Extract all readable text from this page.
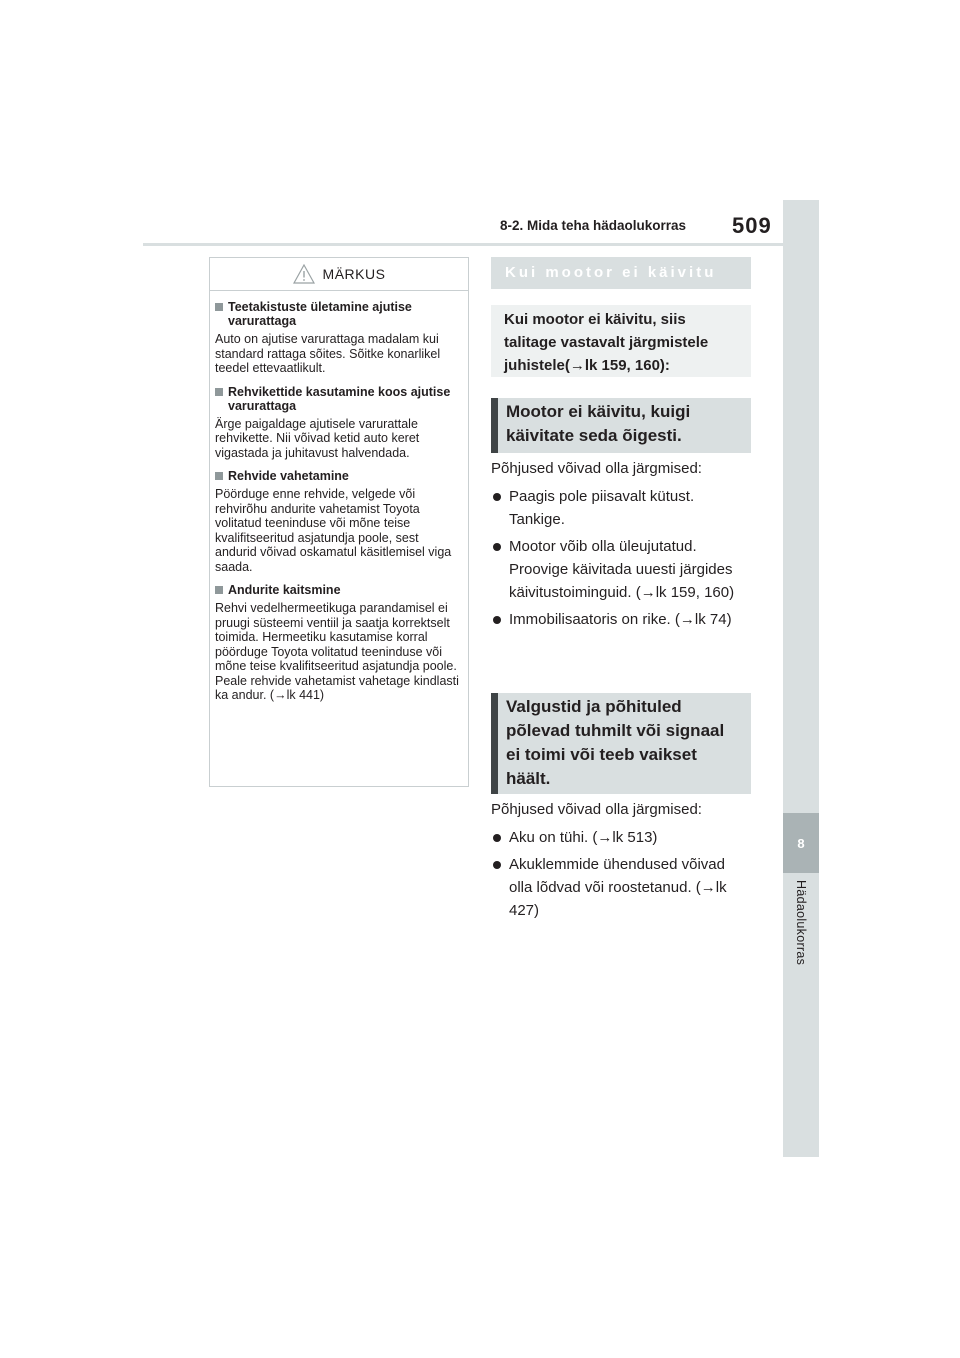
8-2. Mida teha hädaolukorras 509
8
Hädaolukorras
MÄRKUS
Teetakistuste ületamine ajutise varurattaga
Auto on ajutise varurattaga madalam kui standard rattaga sõites. Sõitke konarlikel teedel ettevaatlikult.
Rehvikettide kasutamine koos ajutise varurattaga
Ärge paigaldage ajutisele varurattale rehvikette. Nii võivad ketid auto keret vigastada ja juhitavust halvendada.
Rehvide vahetamine
Pöörduge enne rehvide, velgede või rehvirõhu andurite vahetamist Toyota volitatud teeninduse või mõne teise kvalifitseeritud asjatundja poole, sest andurid võivad oskamatul käsitlemisel viga saada.
Andurite kaitsmine
Rehvi vedelhermeetikuga parandamisel ei pruugi süsteemi ventiil ja saatja korrektselt toimida. Hermeetiku kasutamise korral pöörduge Toyota volitatud teeninduse või mõne teise kvalifitseeritud asjatundja poole. Peale rehvide vahetamist vahetage kindlasti ka andur. (→lk 441)
Kui mootor ei käivitu
Kui mootor ei käivitu, siis talitage vastavalt järgmistele juhistele(→lk 159, 160):
Mootor ei käivitu, kuigi käivitate seda õigesti.
Põhjused võivad olla järgmised:
Paagis pole piisavalt kütust. Tankige.
Mootor võib olla üleujutatud. Proovige käivitada uuesti järgides käivitustoiminguid. (→lk 159, 160)
Immobilisaatoris on rike. (→lk 74)
Valgustid ja põhituled põlevad tuhmilt või signaal ei toimi või teeb vaikset häält.
Põhjused võivad olla järgmised:
Aku on tühi. (→lk 513)
Akuklemmide ühendused võivad olla lõdvad või roostetanud. (→lk 427)
